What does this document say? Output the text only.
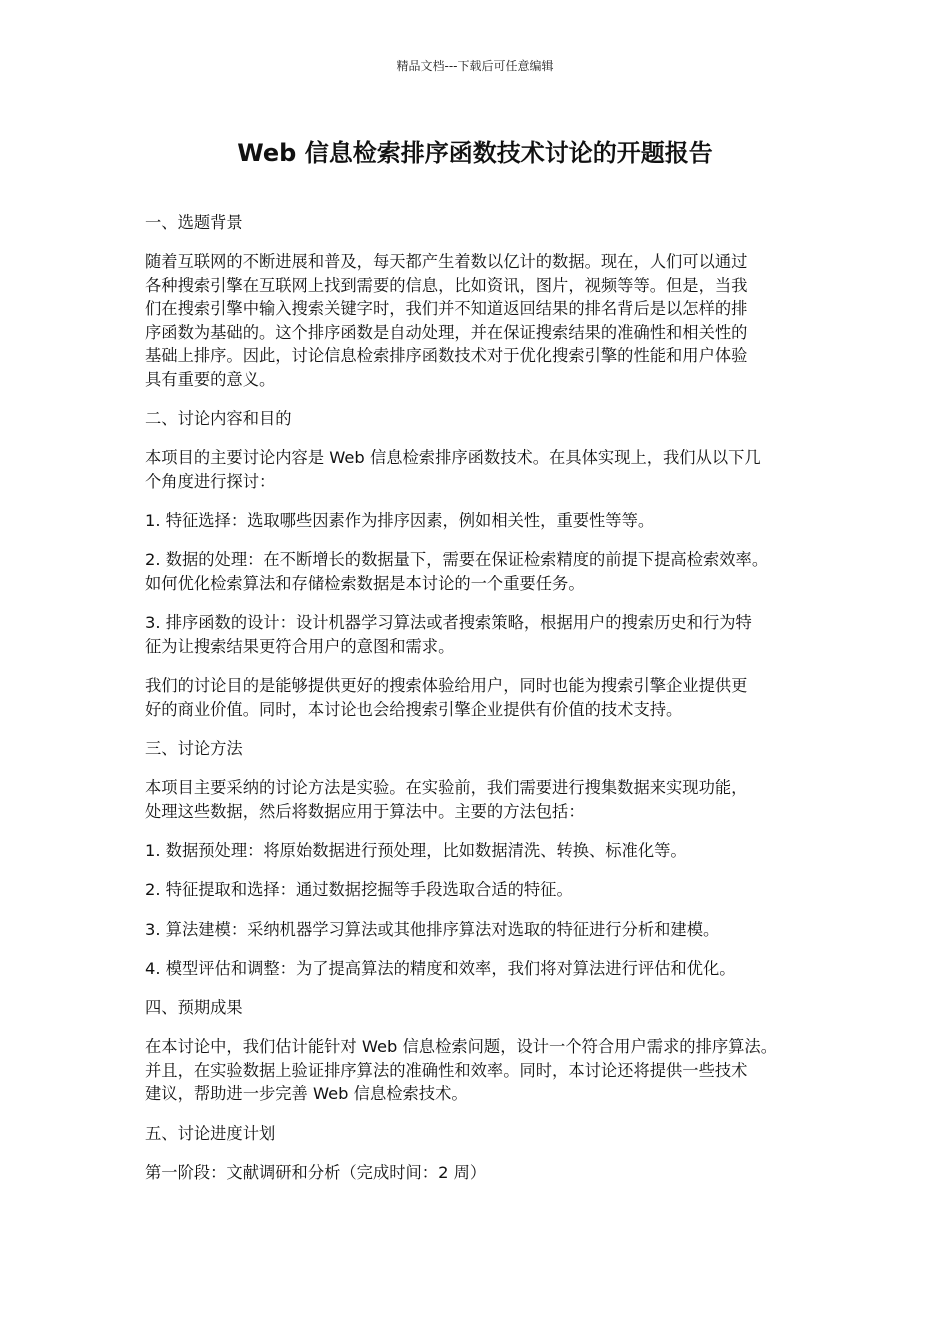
精品文档---下载后可任意编辑
Web 信息检索排序函数技术讨论的开题报告
一、选题背景
随着互联网的不断进展和普及，每天都产生着数以亿计的数据。现在，人们可以通过
各种搜索引擎在互联网上找到需要的信息，比如资讯，图片，视频等等。但是，当我
们在搜索引擎中输入搜索关键字时，我们并不知道返回结果的排名背后是以怎样的排
序函数为基础的。这个排序函数是自动处理，并在保证搜索结果的准确性和相关性的
基础上排序。因此，讨论信息检索排序函数技术对于优化搜索引擎的性能和用户体验
具有重要的意义。
二、讨论内容和目的
本项目的主要讨论内容是 Web 信息检索排序函数技术。在具体实现上，我们从以下几
个角度进行探讨：
1. 特征选择：选取哪些因素作为排序因素，例如相关性，重要性等等。
2. 数据的处理：在不断增长的数据量下，需要在保证检索精度的前提下提高检索效率。
如何优化检索算法和存储检索数据是本讨论的一个重要任务。
3. 排序函数的设计：设计机器学习算法或者搜索策略，根据用户的搜索历史和行为特
征为让搜索结果更符合用户的意图和需求。
我们的讨论目的是能够提供更好的搜索体验给用户，同时也能为搜索引擎企业提供更
好的商业价值。同时，本讨论也会给搜索引擎企业提供有价值的技术支持。
三、讨论方法
本项目主要采纳的讨论方法是实验。在实验前，我们需要进行搜集数据来实现功能，
处理这些数据，然后将数据应用于算法中。主要的方法包括：
1. 数据预处理：将原始数据进行预处理，比如数据清洗、转换、标准化等。
2. 特征提取和选择：通过数据挖掘等手段选取合适的特征。
3. 算法建模：采纳机器学习算法或其他排序算法对选取的特征进行分析和建模。
4. 模型评估和调整：为了提高算法的精度和效率，我们将对算法进行评估和优化。
四、预期成果
在本讨论中，我们估计能针对 Web 信息检索问题，设计一个符合用户需求的排序算法。
并且，在实验数据上验证排序算法的准确性和效率。同时，本讨论还将提供一些技术
建议，帮助进一步完善 Web 信息检索技术。
五、讨论进度计划
第一阶段：文献调研和分析（完成时间：2 周）
